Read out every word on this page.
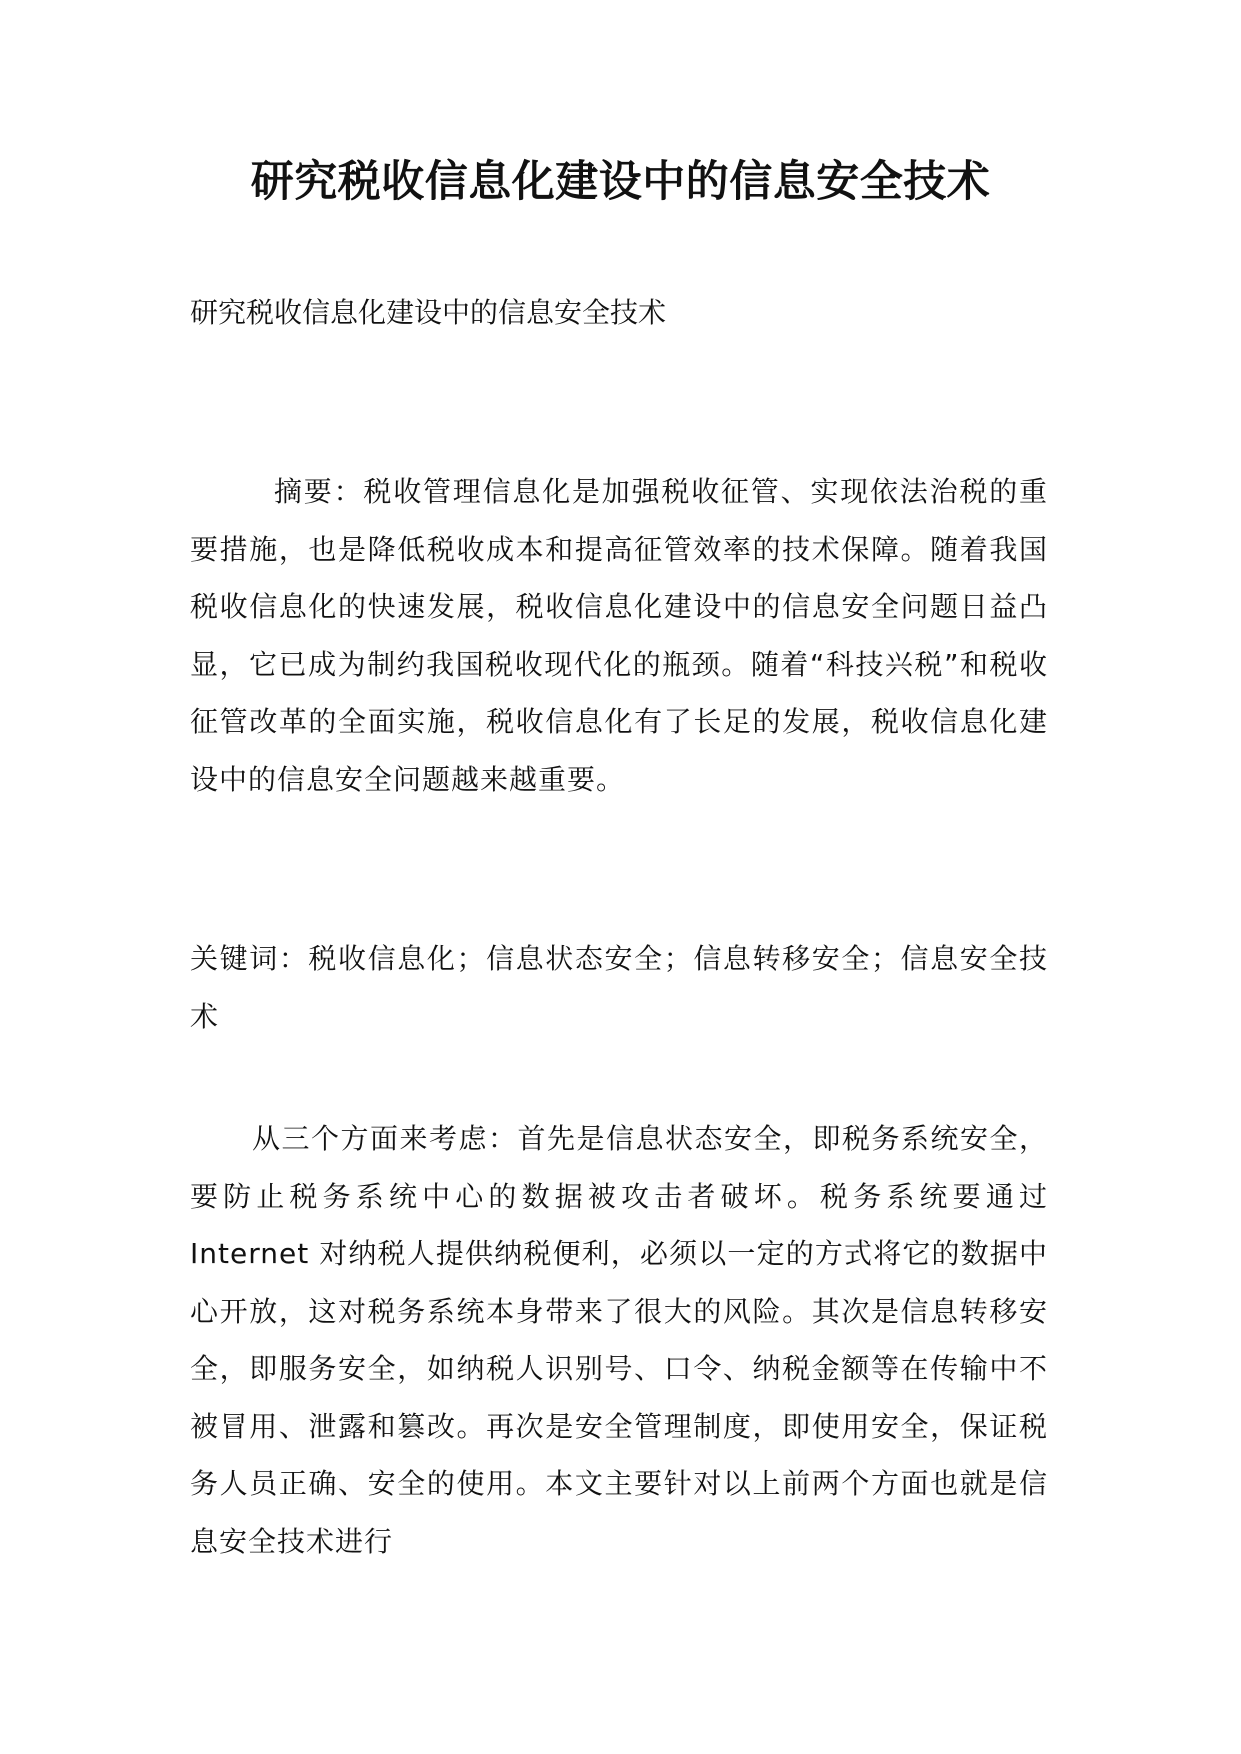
研究税收信息化建设中的信息安全技术

研究税收信息化建设中的信息安全技术

摘要：税收管理信息化是加强税收征管、实现依法治税的重要措施，也是降低税收成本和提高征管效率的技术保障。随着我国税收信息化的快速发展，税收信息化建设中的信息安全问题日益凸显，它已成为制约我国税收现代化的瓶颈。随着“科技兴税”和税收征管改革的全面实施，税收信息化有了长足的发展，税收信息化建设中的信息安全问题越来越重要。

关键词：税收信息化；信息状态安全；信息转移安全；信息安全技术

从三个方面来考虑：首先是信息状态安全，即税务系统安全，要防止税务系统中心的数据被攻击者破坏。税务系统要通过 Internet 对纳税人提供纳税便利，必须以一定的方式将它的数据中心开放，这对税务系统本身带来了很大的风险。其次是信息转移安全，即服务安全，如纳税人识别号、口令、纳税金额等在传输中不被冒用、泄露和篡改。再次是安全管理制度，即使用安全，保证税务人员正确、安全的使用。本文主要针对以上前两个方面也就是信息安全技术进行
